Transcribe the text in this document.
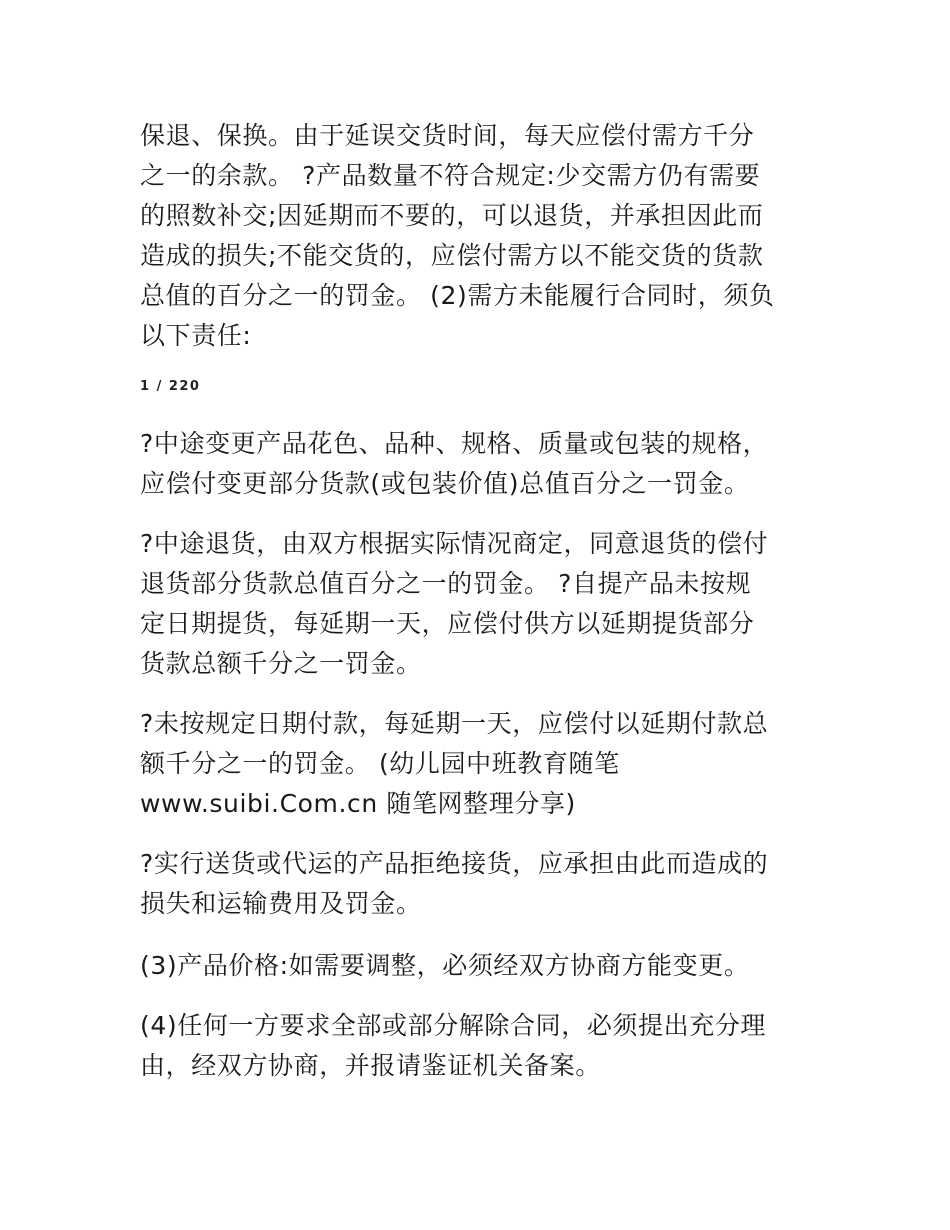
保退、保换。由于延误交货时间，每天应偿付需方千分
之一的余款。 ?产品数量不符合规定:少交需方仍有需要
的照数补交;因延期而不要的，可以退货，并承担因此而
造成的损失;不能交货的，应偿付需方以不能交货的货款
总值的百分之一的罚金。 (2)需方未能履行合同时，须负
以下责任:
1 / 220
?中途变更产品花色、品种、规格、质量或包装的规格，
应偿付变更部分货款(或包装价值)总值百分之一罚金。
?中途退货，由双方根据实际情况商定，同意退货的偿付
退货部分货款总值百分之一的罚金。 ?自提产品未按规
定日期提货，每延期一天，应偿付供方以延期提货部分
货款总额千分之一罚金。
?未按规定日期付款，每延期一天，应偿付以延期付款总
额千分之一的罚金。 (幼儿园中班教育随笔
www.suibi.Com.cn 随笔网整理分享)
?实行送货或代运的产品拒绝接货，应承担由此而造成的
损失和运输费用及罚金。
(3)产品价格:如需要调整，必须经双方协商方能变更。
(4)任何一方要求全部或部分解除合同，必须提出充分理
由，经双方协商，并报请鉴证机关备案。
